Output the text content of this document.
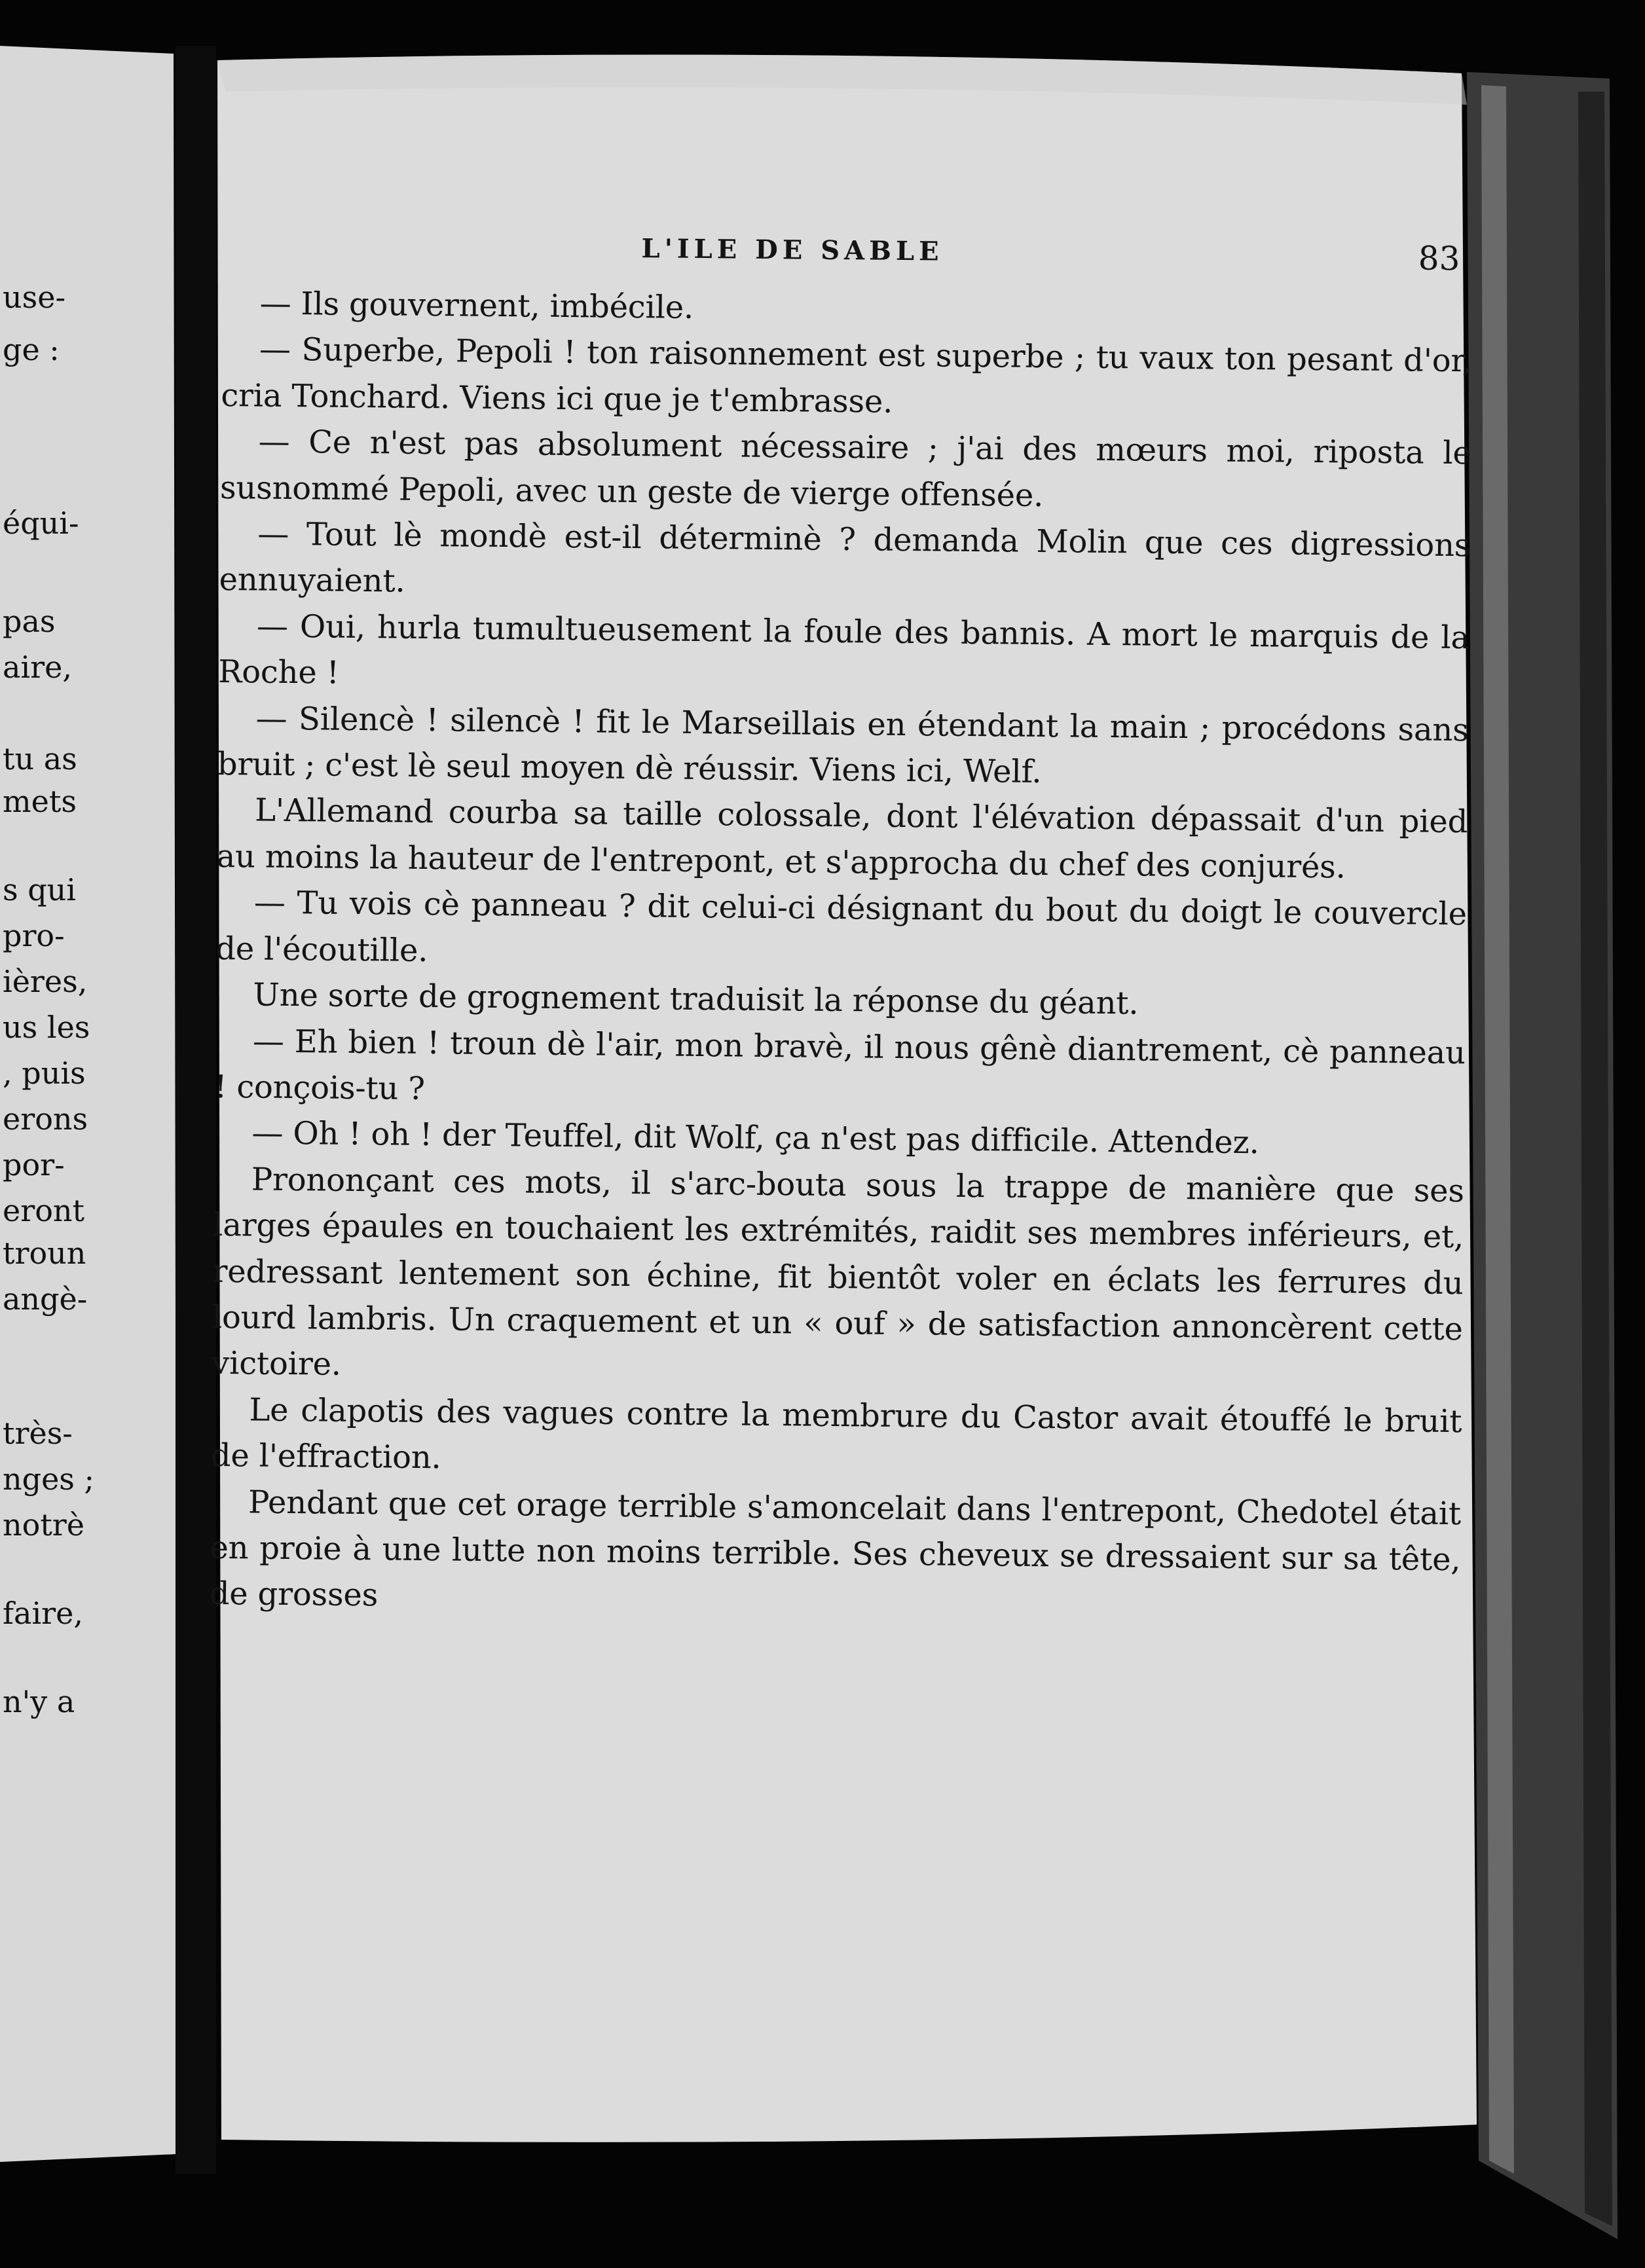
use-
ge :
équi-
pas
aire,
tu as
mets
s qui
pro-
ières,
us les
, puis
erons
por-
eront
troun
angè-
très-
nges ;
notrè
faire,
n'y a
L'ILE DE SABLE	83

— Ils gouvernent, imbécile.

— Superbe, Pepoli ! ton raisonnement est superbe ; tu vaux ton pesant d'or, cria Tonchard. Viens ici que je t'embrasse.

— Ce n'est pas absolument nécessaire ; j'ai des mœurs moi, riposta le susnommé Pepoli, avec un geste de vierge offensée.

— Tout lè mondè est-il déterminè ? demanda Molin que ces digressions ennuyaient.

— Oui, hurla tumultueusement la foule des bannis. A mort le marquis de la Roche !

— Silencè ! silencè ! fit le Marseillais en étendant la main ; procédons sans bruit ; c'est lè seul moyen dè réussir. Viens ici, Welf.

L'Allemand courba sa taille colossale, dont l'élévation dépassait d'un pied au moins la hauteur de l'entrepont, et s'approcha du chef des conjurés.

— Tu vois cè panneau ? dit celui-ci désignant du bout du doigt le couvercle de l'écoutille.

Une sorte de grognement traduisit la réponse du géant.

— Eh bien ! troun dè l'air, mon bravè, il nous gênè diantrement, cè panneau ! conçois-tu ?

— Oh ! oh ! der Teuffel, dit Wolf, ça n'est pas difficile. Attendez.

Prononçant ces mots, il s'arc-bouta sous la trappe de manière que ses larges épaules en touchaient les extrémités, raidit ses membres inférieurs, et, redressant lentement son échine, fit bientôt voler en éclats les ferrures du lourd lambris. Un craquement et un « ouf » de satisfaction annoncèrent cette victoire.

Le clapotis des vagues contre la membrure du Castor avait étouffé le bruit de l'effraction.

Pendant que cet orage terrible s'amoncelait dans l'entrepont, Chedotel était en proie à une lutte non moins terrible. Ses cheveux se dressaient sur sa tête, de grosses
